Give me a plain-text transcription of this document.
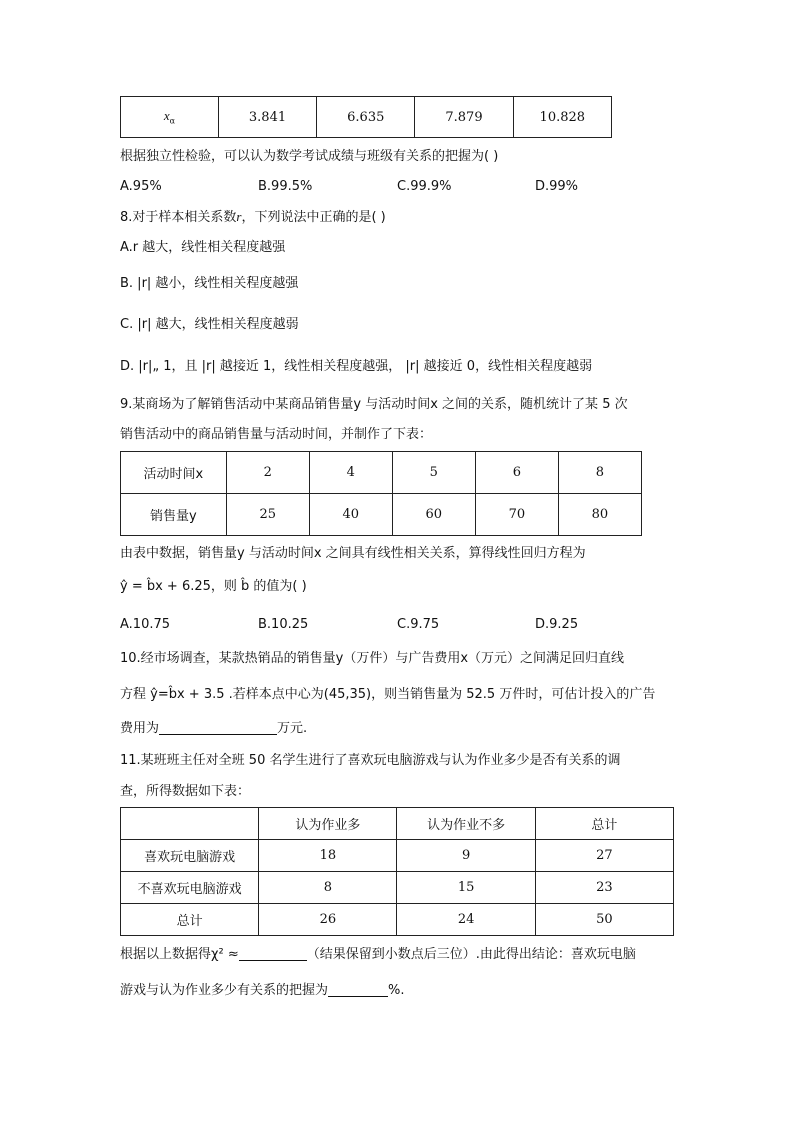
$x_\alpha$	3.841	6.635	7.879	10.828
根据独立性检验，可以认为数学考试成绩与班级有关系的把握为( )
A.95%	B.99.5%	C.99.9%	D.99%
8.对于样本相关系数r，下列说法中正确的是( )
A.r 越大，线性相关程度越强
B. |r| 越小，线性相关程度越强
C. |r| 越大，线性相关程度越弱
D. |r|„ 1，且 |r| 越接近 1，线性相关程度越强， |r| 越接近 0，线性相关程度越弱
9.某商场为了解销售活动中某商品销售量y 与活动时间x 之间的关系，随机统计了某 5 次
销售活动中的商品销售量与活动时间，并制作了下表：
活动时间x	2	4	5	6	8
销售量y	25	40	60	70	80
由表中数据，销售量y 与活动时间x 之间具有线性相关关系，算得线性回归方程为
ŷ = b̂x + 6.25，则 b̂ 的值为( )
A.10.75	B.10.25	C.9.75	D.9.25
10.经市场调查，某款热销品的销售量y（万件）与广告费用x（万元）之间满足回归直线
方程 ŷ=b̂x + 3.5 .若样本点中心为(45,35)，则当销售量为 52.5 万件时，可估计投入的广告
费用为	万元.
11.某班班主任对全班 50 名学生进行了喜欢玩电脑游戏与认为作业多少是否有关系的调
查，所得数据如下表：
	认为作业多	认为作业不多	总计
喜欢玩电脑游戏	18	9	27
不喜欢玩电脑游戏	8	15	23
总计	26	24	50
根据以上数据得χ² ≈	（结果保留到小数点后三位）.由此得出结论：喜欢玩电脑
游戏与认为作业多少有关系的把握为	%.
